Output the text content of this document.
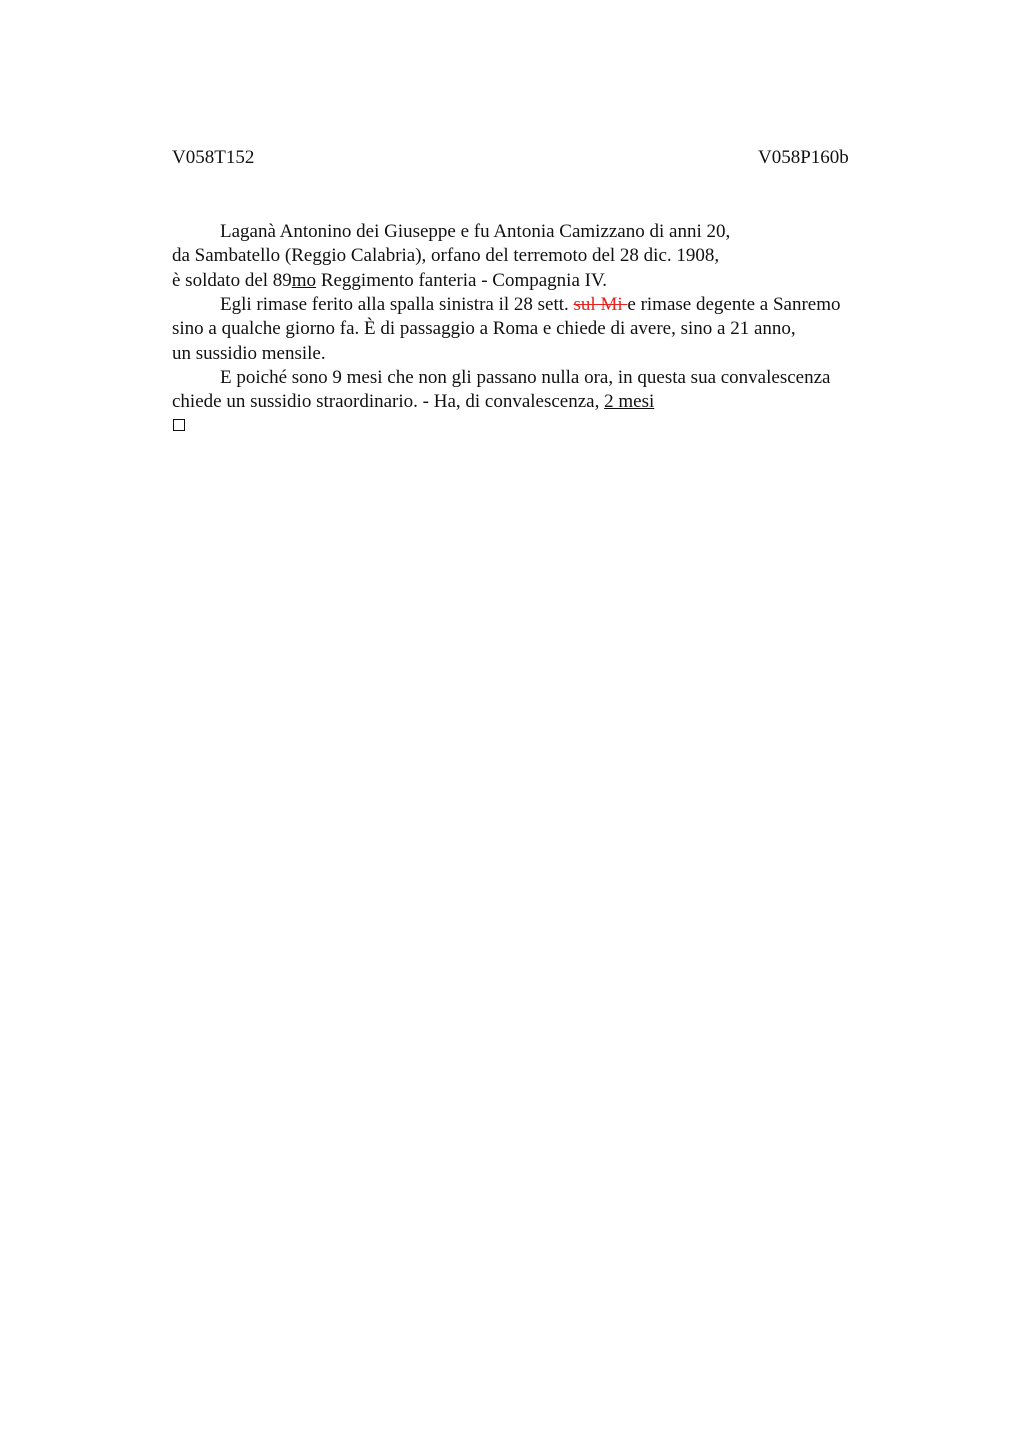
V058T152	V058P160b
Laganà Antonino dei Giuseppe e fu Antonia Camizzano di anni 20,
da Sambatello (Reggio Calabria), orfano del terremoto del 28 dic. 1908,
è soldato del 89mo Reggimento fanteria - Compagnia IV.
Egli rimase ferito alla spalla sinistra il 28 sett. sul Mi e rimase degente a Sanremo
sino a qualche giorno fa. È di passaggio a Roma e chiede di avere, sino a 21 anno,
un sussidio mensile.
E poiché sono 9 mesi che non gli passano nulla ora, in questa sua convalescenza
chiede un sussidio straordinario. - Ha, di convalescenza, 2 mesi
